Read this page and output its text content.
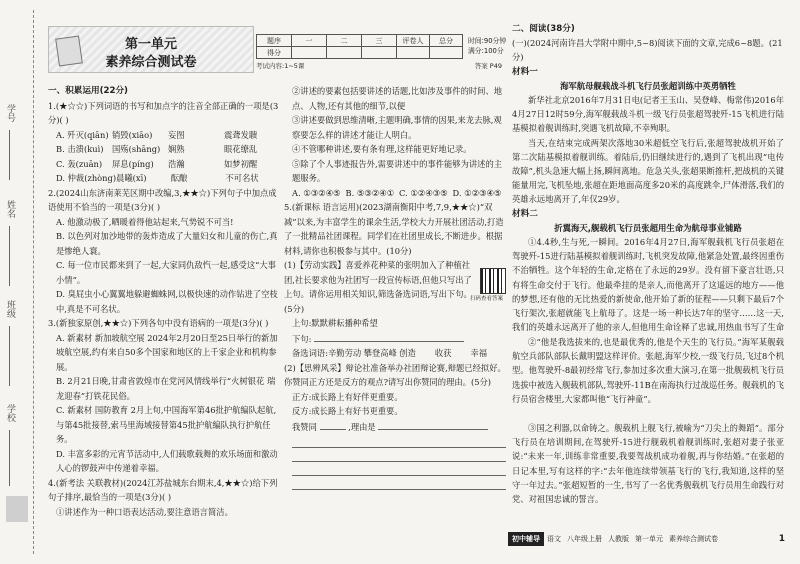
学号
姓名
班级
学校
第一单元
素养综合测试卷
题序	一	二	三	评卷人	总分
得分					
时间:90分钟
满分:100分
考试内容:1~5课	答案 P49
一、积累运用(22分)

1.(★☆☆)下列词语的书写和加点字的注音全部正确的一项是(3分)( )

A. 歼灭(qiān) 销毁(xiāo)	妄图	震聋发聩
B. 击溃(kuì)	国殇(shāng) 娴熟	眼花缭乱
C. 轰(zuān)	屏息(píng)	浩瀚	如梦初醒
D. 仲裁(zhòng) 晨曦(xī)	酝酿	不可名状

2.(2024山东济南莱芜区期中改编,3,★★☆)下列句子中加点成语使用不恰当的一项是(3分)( )

A. 他激动极了,晒暖着得他站起来,气势锐不可当!

B. 以色列对加沙地带的轰炸造成了大量妇女和儿童的伤亡,真是惨绝人寰。

C. 每一位市民都来到了一起,大家同仇敌忾一起,感受这“大事小情”。

D. 臭屁虫小心翼翼地躲避蜘蛛网,以极快速的动作钻进了空枝中,真是不可名状。

3.(新独家原创,★★☆)下列各句中没有语病的一项是(3分)( )

A. 新素材 新加坡航空展 2024年2月20日至25日举行的新加坡航空展,约有来自50多个国家和地区的上千家企业和机构参展。

B. 2月21日晚,甘肃省敦煌市在党河风情线举行“火树银花 瑞龙迎春”打铁花民俗。

C. 新素材 国防教育 2月上旬,中国海军第46批护航编队起航,与第45批接替,索马里海域接替第45批护航编队执行护航任务。

D. 丰富多彩的元宵节活动中,人们载歌载舞的欢乐场面和激动人心的锣鼓声中传递着幸福。

4.(新考法 关联教材)(2024江苏盐城东台期末,4,★★☆)给下列句子排序,最恰当的一项是(3分)( )

①讲述作为一种口语表达活动,要注意语言简洁。

②讲述的要素包括要讲述的话题,比如涉及事件的时间、地点、人物,还有其他的细节,以便

③讲述要做到思维清晰,主题明确,事情的因果,来龙去脉,观察要怎么样的讲述才能让人明白。

④不管哪种讲述,要有条有理,这样能更好地记录。

⑤除了个人事迹报告外,需要讲述中的事件能够为讲述的主题服务。

A. ①③②④⑤ B. ⑤③②④① C. ①②④③⑤ D. ①②③④⑤

5.(新课标 语言运用)(2023湖南衡阳中考,7,9,★★☆)“双减”以来,为丰富学生的课余生活,学校大力开展社团活动,打造了一批精品社团课程。同学们在社团里成长,不断进步。根据材料,请你也积极参与其中。(10分)

(1)【劳动实践】喜爱养花种菜的张明加入了种植社团,社长要求他为社团写一段宣传标语,但他只写出了上句。请你运用相关知识,筛选备选词语,写出下句。(5分)

上句:默默耕耘播种希望

下句:

备选词语: 辛勤劳动 攀登高峰 创造	收获	幸福

(2)【思辨风采】辩论社准备举办社团辩论赛,辩题已经拟好。你赞同正方还是反方的观点?请写出你赞同的理由。(5分)

正方:成长路上有好伴更重要。

反方:成长路上有好书更重要。

我赞同	,理由是

扫码查看答案
二、阅读(38分)

(一)(2024河南许昌大学附中期中,5~8)阅读下面的文章,完成6~8题。(21分)

材料一
海军航母舰载战斗机飞行员张超训练中英勇牺牲

新华社北京2016年7月31日电(记者王玉山、吴登峰、梅常伟)2016年4月27日12时59分,海军舰载战斗机一级飞行员张超驾驶歼-15飞机进行陆基模拟着舰训练时,突遇飞机故障,不幸殉职。

当天,在结束完成两架次落地30米超低空飞行后,张超驾驶战机开始了第二次陆基模拟着舰训练。着陆后,仍旧继续进行的,遇到了飞机出现“电传故障”,机头急速大幅上扬,瞬间离地。危急关头,张超果断推杆,把战机的关键能量用完,飞机坠地,张超在距地面高度多20米的高度跳伞,尸体滑落,我们的英雄永远地离开了,年仅29岁。

材料二
折翼海天,舰载机飞行员张超用生命为航母事业铺路

①4.4秒,生与死,一瞬间。2016年4月27日,海军舰载机飞行员张超在驾驶歼-15进行陆基模拟着舰训练时,飞机突发故障,他紧急处置,最终因重伤不治牺牲。这个年轻的生命,定格在了永远的29岁。没有留下豪言壮语,只有将生命交付于飞行。他最牵挂的是亲人,而他离开了这遥远的地方——他的梦想,还有他的无比热爱的新使命,他开始了新的征程——只剩下最后7个飞行架次,张超就能飞上航母了。这是一场一种长达7年的坚守……这一天,我们的英雄永远离开了他的亲人,但他用生命诠释了忠诚,用热血书写了生命

②“他是我选拔来的,也是最优秀的,他是个天生的飞行员。”海军某舰载航空兵部队部队长戴明盟这样评价。张超,海军少校,一级飞行员,飞过8个机型。他驾驶歼-8最初经常飞行,参加过多次重大演习,在第一批舰载机飞行员选拔中被选入舰载机部队,驾驶歼-11B在南海执行过战巡任务。舰载机的飞行员宿舍楼里,大家都叫他“飞行神童”。

③国之利器,以命铸之。舰载机上舰飞行,被喻为“刀尖上的舞蹈”。部分飞行员在培训期间,在驾驶歼-15进行舰载机着舰训练时,张超对妻子张亚说:“未来一年,训练非常重要,我要驾战机成功着舰,再与你结婚。”在张超的日记本里,写有这样的字:“去年他连续带领基飞行的飞行,我知道,这样的坚守一年过去。”张超短暂的一生,书写了一名优秀舰载机飞行员用生命践行对党、对祖国忠诚的誓言。

初中辅导	语文 八年级上册 人教版 第一单元 素养综合测试卷	1
